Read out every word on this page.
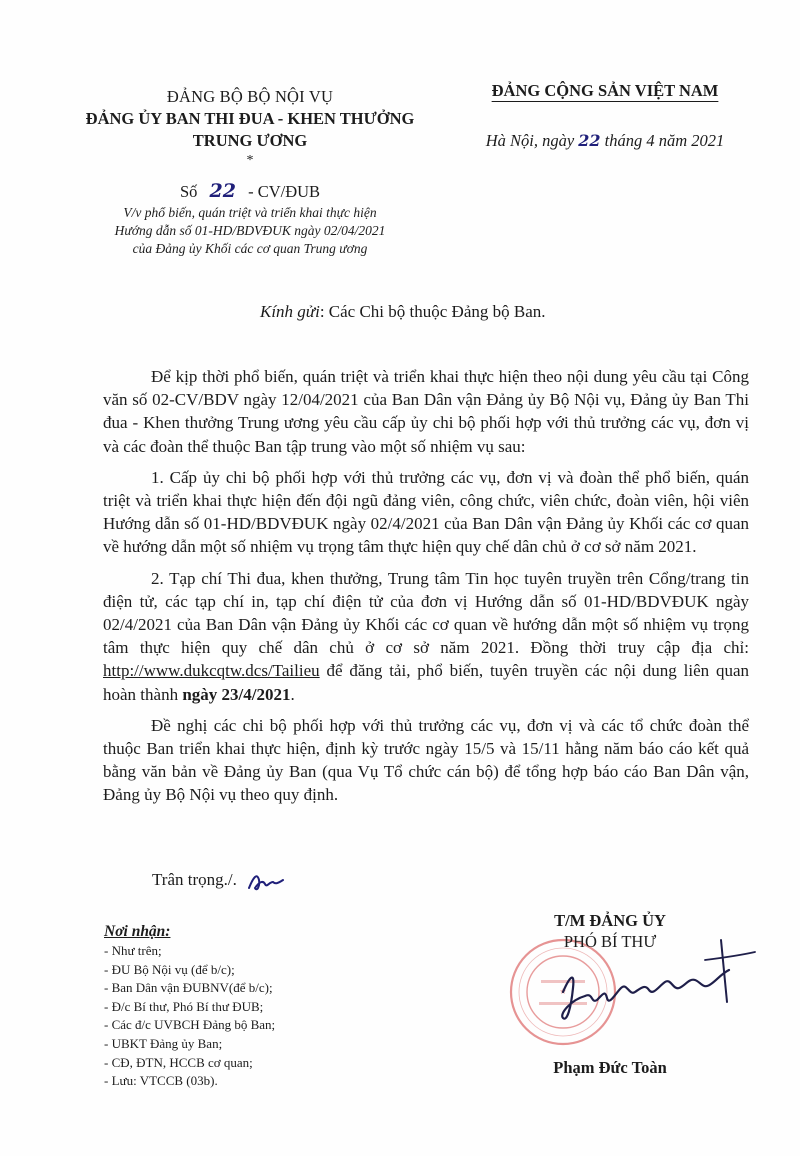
ĐẢNG BỘ BỘ NỘI VỤ
ĐẢNG ỦY BAN THI ĐUA - KHEN THƯỞNG
TRUNG ƯƠNG
*
Số 22 - CV/ĐUB
V/v phổ biến, quán triệt và triển khai thực hiện
Hướng dẫn số 01-HD/BDVĐUK ngày 02/04/2021
của Đảng ủy Khối các cơ quan Trung ương
ĐẢNG CỘNG SẢN VIỆT NAM
Hà Nội, ngày 22 tháng 4 năm 2021
Kính gửi: Các Chi bộ thuộc Đảng bộ Ban.

Để kịp thời phổ biến, quán triệt và triển khai thực hiện theo nội dung yêu cầu tại Công văn số 02-CV/BDV ngày 12/04/2021 của Ban Dân vận Đảng ủy Bộ Nội vụ, Đảng ủy Ban Thi đua - Khen thưởng Trung ương yêu cầu cấp ủy chi bộ phối hợp với thủ trưởng các vụ, đơn vị và các đoàn thể thuộc Ban tập trung vào một số nhiệm vụ sau:

1. Cấp ủy chi bộ phối hợp với thủ trưởng các vụ, đơn vị và đoàn thể phổ biến, quán triệt và triển khai thực hiện đến đội ngũ đảng viên, công chức, viên chức, đoàn viên, hội viên Hướng dẫn số 01-HD/BDVĐUK ngày 02/4/2021 của Ban Dân vận Đảng ủy Khối các cơ quan về hướng dẫn một số nhiệm vụ trọng tâm thực hiện quy chế dân chủ ở cơ sở năm 2021.

2. Tạp chí Thi đua, khen thưởng, Trung tâm Tin học tuyên truyền trên Cổng/trang tin điện tử, các tạp chí in, tạp chí điện tử của đơn vị Hướng dẫn số 01-HD/BDVĐUK ngày 02/4/2021 của Ban Dân vận Đảng ủy Khối các cơ quan về hướng dẫn một số nhiệm vụ trọng tâm thực hiện quy chế dân chủ ở cơ sở năm 2021. Đồng thời truy cập địa chỉ: http://www.dukcqtw.dcs/Tailieu để đăng tải, phổ biến, tuyên truyền các nội dung liên quan hoàn thành ngày 23/4/2021.

Đề nghị các chi bộ phối hợp với thủ trưởng các vụ, đơn vị và các tổ chức đoàn thể thuộc Ban triển khai thực hiện, định kỳ trước ngày 15/5 và 15/11 hằng năm báo cáo kết quả bằng văn bản về Đảng ủy Ban (qua Vụ Tổ chức cán bộ) để tổng hợp báo cáo Ban Dân vận, Đảng ủy Bộ Nội vụ theo quy định.

Trân trọng./.
Nơi nhận:
- Như trên;
- ĐU Bộ Nội vụ (để b/c);
- Ban Dân vận ĐUBNV(để b/c);
- Đ/c Bí thư, Phó Bí thư ĐUB;
- Các đ/c UVBCH Đảng bộ Ban;
- UBKT Đảng ủy Ban;
- CĐ, ĐTN, HCCB cơ quan;
- Lưu: VTCCB (03b).
★
T/M ĐẢNG ỦY
PHÓ BÍ THƯ
Phạm Đức Toàn
